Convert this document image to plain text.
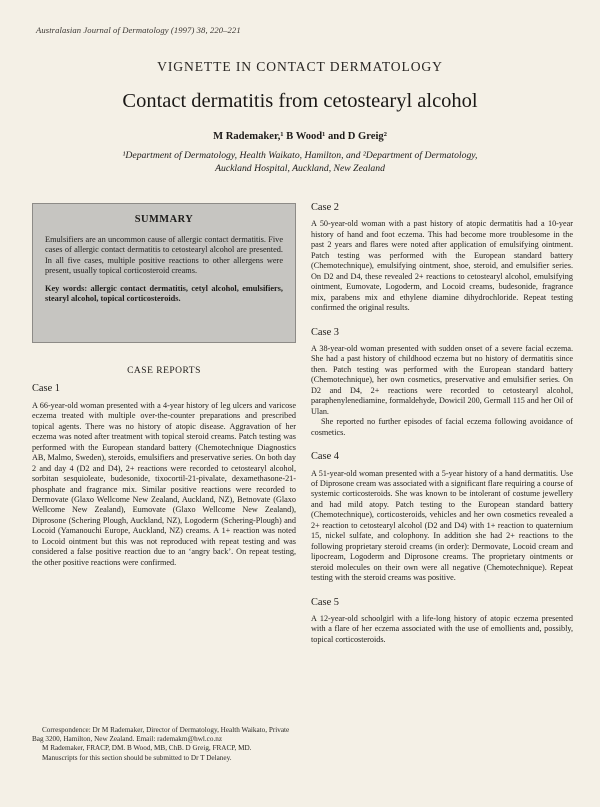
Australasian Journal of Dermatology (1997) 38, 220–221
VIGNETTE IN CONTACT DERMATOLOGY
Contact dermatitis from cetostearyl alcohol
M Rademaker,¹ B Wood¹ and D Greig²
¹Department of Dermatology, Health Waikato, Hamilton, and ²Department of Dermatology, Auckland Hospital, Auckland, New Zealand
SUMMARY
Emulsifiers are an uncommon cause of allergic contact dermatitis. Five cases of allergic contact dermatitis to cetostearyl alcohol are presented. In all five cases, multiple positive reactions to other allergens were present, usually topical corticosteroid creams.
Key words: allergic contact dermatitis, cetyl alcohol, emulsifiers, stearyl alcohol, topical corticosteroids.
CASE REPORTS
Case 1

A 66-year-old woman presented with a 4-year history of leg ulcers and varicose eczema treated with multiple over-the-counter preparations and prescribed topical agents. There was no history of atopic disease. Aggravation of her eczema was noted after treatment with topical steroid creams. Patch testing was performed with the European standard battery (Chemotechnique Diagnostics AB, Malmo, Sweden), steroids, emulsifiers and preservative series. On both day 2 and day 4 (D2 and D4), 2+ reactions were recorded to cetostearyl alcohol, sorbitan sesquioleate, budesonide, tixocortil-21-pivalate, dexamethasone-21-phosphate and fragrance mix. Similar positive reactions were recorded to Dermovate (Glaxo Wellcome New Zealand, Auckland, NZ), Betnovate (Glaxo Wellcome New Zealand), Eumovate (Glaxo Wellcome New Zealand), Diprosone (Schering Plough, Auckland, NZ), Logoderm (Schering-Plough) and Locoid (Yamanouchi Europe, Auckland, NZ) creams. A 1+ reaction was noted to Locoid ointment but this was not reproduced with repeat testing and was considered a false positive reaction due to an ‘angry back’. On repeat testing, the other positive reactions were confirmed.

Case 2

A 50-year-old woman with a past history of atopic dermatitis had a 10-year history of hand and foot eczema. This had become more troublesome in the past 2 years and flares were noted after application of emulsifying ointment. Patch testing was performed with the European standard battery (Chemotechnique), emulsifying ointment, shoe, steroid, and emulsifier series. On D2 and D4, these revealed 2+ reactions to cetostearyl alcohol, emulsifying ointment, Eumovate, Logoderm, and Locoid creams, budesonide, fragrance mix, parabens mix and ethylene diamine dihydrochloride. Repeat testing confirmed the original results.

Case 3

A 38-year-old woman presented with sudden onset of a severe facial eczema. She had a past history of childhood eczema but no history of dermatitis since then. Patch testing was performed with the European standard battery (Chemotechnique), her own cosmetics, preservative and emulsifier series. On D2 and D4, 2+ reactions were recorded to cetostearyl alcohol, paraphenylenediamine, formaldehyde, Dowicil 200, Germall 115 and her Oil of Ulan.

She reported no further episodes of facial eczema following avoidance of cosmetics.

Case 4

A 51-year-old woman presented with a 5-year history of a hand dermatitis. Use of Diprosone cream was associated with a significant flare requiring a course of systemic corticosteroids. She was known to be intolerant of costume jewellery and had mild atopy. Patch testing to the European standard battery (Chemotechnique), corticosteroids, vehicles and her own cosmetics revealed a 2+ reaction to cetostearyl alcohol (D2 and D4) with 1+ reaction to quaternium 15, nickel sulfate, and colophony. In addition she had 2+ reactions to the following proprietary steroid creams (in order): Dermovate, Locoid cream and lipocream, Logoderm and Diprosone creams. The proprietary ointments or steroid molecules on their own were all negative (Chemotechnique). Repeat testing with the steroid creams was positive.

Case 5

A 12-year-old schoolgirl with a life-long history of atopic eczema presented with a flare of her eczema associated with the use of emollients and, possibly, topical corticosteroids.

Correspondence: Dr M Rademaker, Director of Dermatology, Health Waikato, Private Bag 3200, Hamilton, New Zealand. Email: rademakm@hwl.co.nz

M Rademaker, FRACP, DM. B Wood, MB, ChB. D Greig, FRACP, MD.

Manuscripts for this section should be submitted to Dr T Delaney.
